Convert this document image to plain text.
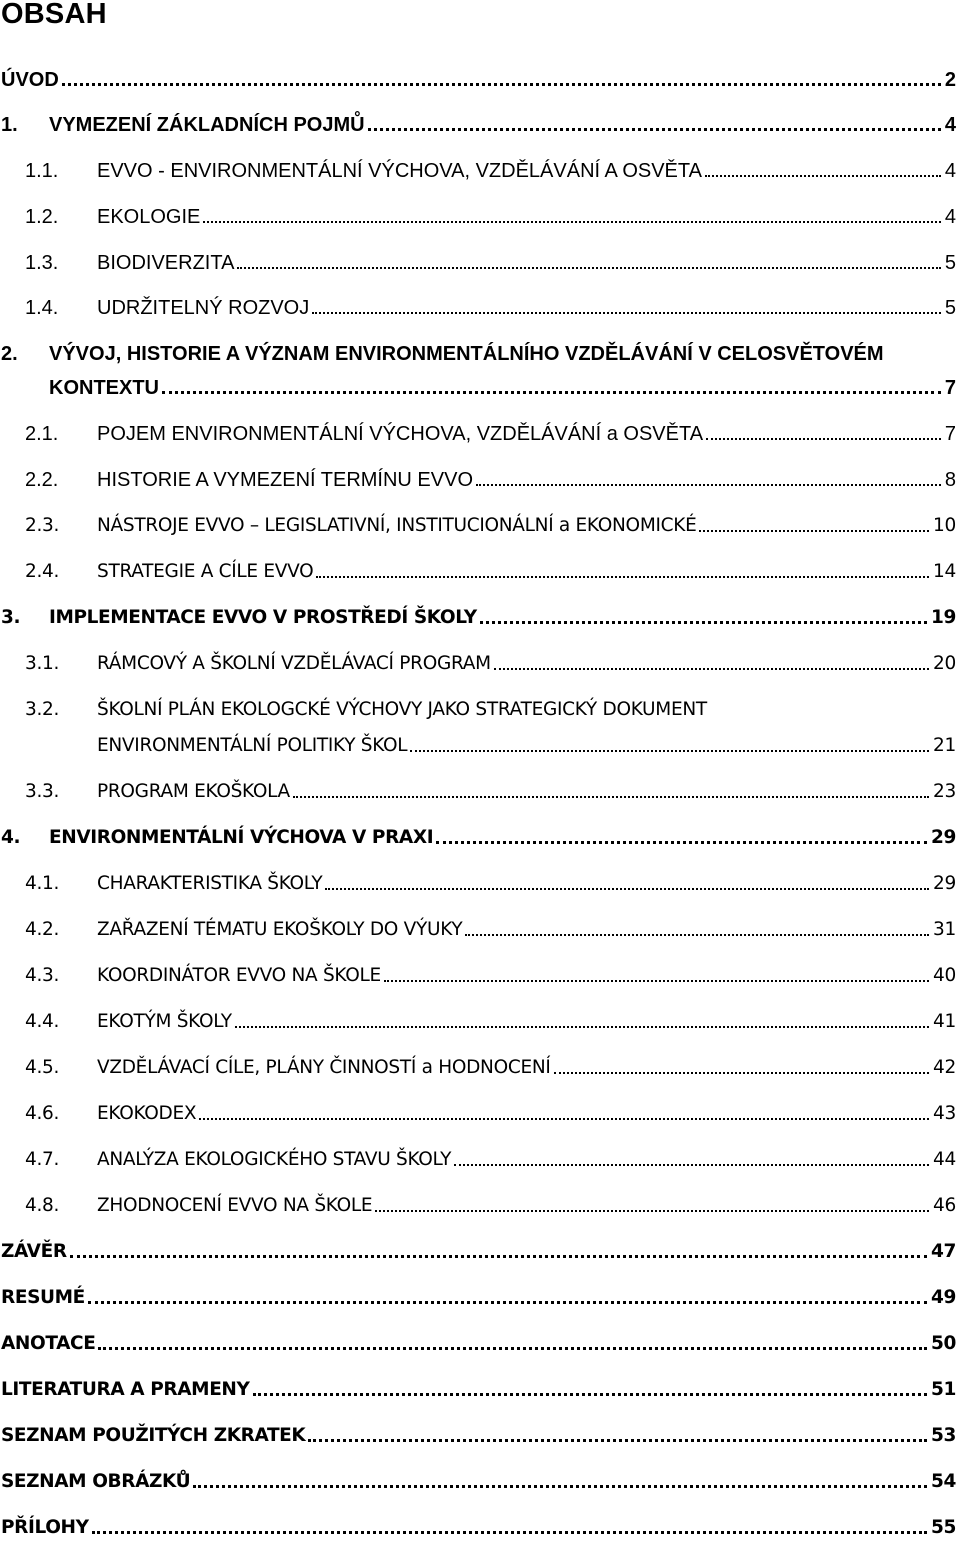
OBSAH
ÚVOD	2
1.	VYMEZENÍ ZÁKLADNÍCH POJMŮ	4
1.1.	EVVO - ENVIRONMENTÁLNÍ VÝCHOVA, VZDĚLÁVÁNÍ A OSVĚTA	4
1.2.	EKOLOGIE	4
1.3.	BIODIVERZITA	5
1.4.	UDRŽITELNÝ ROZVOJ	5
2. VÝVOJ, HISTORIE A VÝZNAM ENVIRONMENTÁLNÍHO VZDĚLÁVÁNÍ V CELOSVĚTOVÉM
KONTEXTU	7
2.1.	POJEM ENVIRONMENTÁLNÍ VÝCHOVA, VZDĚLÁVÁNÍ a OSVĚTA	7
2.2.	HISTORIE A VYMEZENÍ TERMÍNU EVVO	8
2.3.	NÁSTROJE EVVO – LEGISLATIVNÍ, INSTITUCIONÁLNÍ a EKONOMICKÉ	10
2.4.	STRATEGIE A CÍLE EVVO	14
3.	IMPLEMENTACE EVVO V PROSTŘEDÍ ŠKOLY	19
3.1.	RÁMCOVÝ A ŠKOLNÍ VZDĚLÁVACÍ PROGRAM	20
3.2. ŠKOLNÍ PLÁN EKOLOGCKÉ VÝCHOVY JAKO STRATEGICKÝ DOKUMENT
ENVIRONMENTÁLNÍ POLITIKY ŠKOL	21
3.3.	PROGRAM EKOŠKOLA	23
4.	ENVIRONMENTÁLNÍ VÝCHOVA V PRAXI	29
4.1.	CHARAKTERISTIKA ŠKOLY	29
4.2.	ZAŘAZENÍ TÉMATU EKOŠKOLY DO VÝUKY	31
4.3.	KOORDINÁTOR EVVO NA ŠKOLE	40
4.4.	EKOTÝM ŠKOLY	41
4.5.	VZDĚLÁVACÍ CÍLE, PLÁNY ČINNOSTÍ a HODNOCENÍ	42
4.6.	EKOKODEX	43
4.7.	ANALÝZA EKOLOGICKÉHO STAVU ŠKOLY	44
4.8.	ZHODNOCENÍ EVVO NA ŠKOLE	46
ZÁVĚR	47
RESUMÉ	49
ANOTACE	50
LITERATURA A PRAMENY	51
SEZNAM POUŽITÝCH ZKRATEK	53
SEZNAM OBRÁZKŮ	54
PŘÍLOHY	55
